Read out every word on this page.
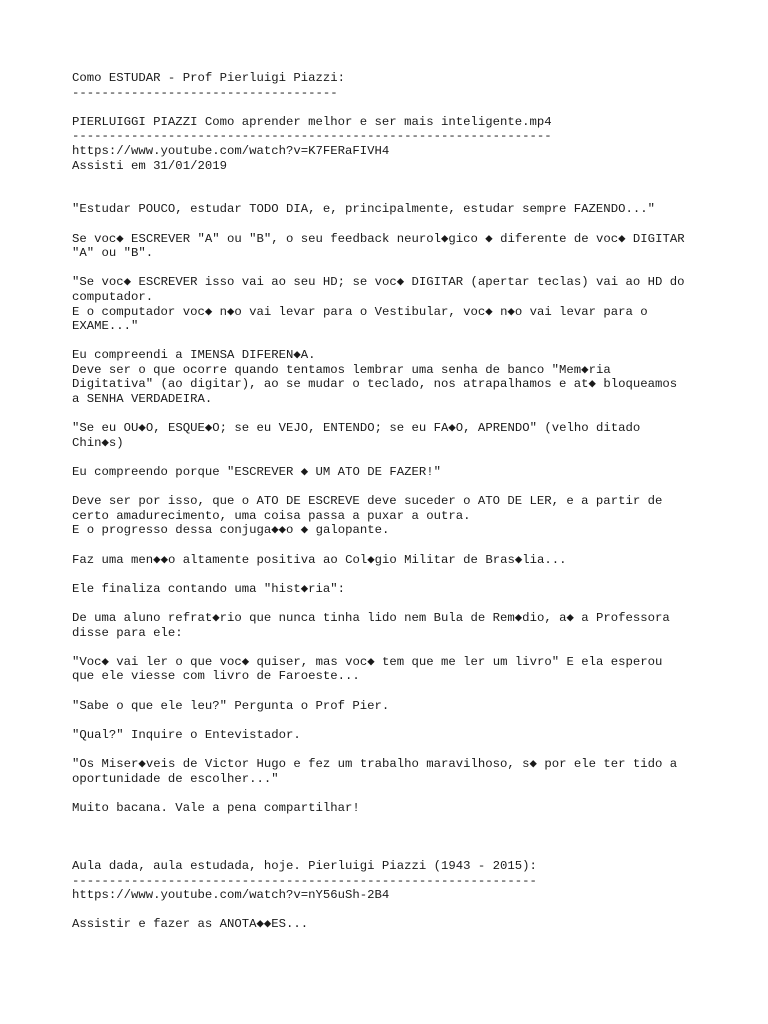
Como ESTUDAR - Prof Pierluigi Piazzi:
------------------------------------
PIERLUIGGI PIAZZI Como aprender melhor e ser mais inteligente.mp4
-----------------------------------------------------------------
https://www.youtube.com/watch?v=K7FERaFIVH4
Assisti em 31/01/2019
"Estudar POUCO, estudar TODO DIA, e, principalmente, estudar sempre FAZENDO..."
Se voc◆ ESCREVER "A" ou "B", o seu feedback neurol◆gico ◆ diferente de voc◆ DIGITAR
"A" ou "B".
"Se voc◆ ESCREVER isso vai ao seu HD; se voc◆ DIGITAR (apertar teclas) vai ao HD do
computador.
E o computador voc◆ n◆o vai levar para o Vestibular, voc◆ n◆o vai levar para o
EXAME..."
Eu compreendi a IMENSA DIFEREN◆A.
Deve ser o que ocorre quando tentamos lembrar uma senha de banco "Mem◆ria
Digitativa" (ao digitar), ao se mudar o teclado, nos atrapalhamos e at◆ bloqueamos
a SENHA VERDADEIRA.
"Se eu OU◆O, ESQUE◆O; se eu VEJO, ENTENDO; se eu FA◆O, APRENDO" (velho ditado
Chin◆s)
Eu compreendo porque "ESCREVER ◆ UM ATO DE FAZER!"
Deve ser por isso, que o ATO DE ESCREVE deve suceder o ATO DE LER, e a partir de
certo amadurecimento, uma coisa passa a puxar a outra.
E o progresso dessa conjuga◆◆o ◆ galopante.
Faz uma men◆◆o altamente positiva ao Col◆gio Militar de Bras◆lia...
Ele finaliza contando uma "hist◆ria":
De uma aluno refrat◆rio que nunca tinha lido nem Bula de Rem◆dio, a◆ a Professora
disse para ele:
"Voc◆ vai ler o que voc◆ quiser, mas voc◆ tem que me ler um livro" E ela esperou
que ele viesse com livro de Faroeste...
"Sabe o que ele leu?" Pergunta o Prof Pier.
"Qual?" Inquire o Entevistador.
"Os Miser◆veis de Victor Hugo e fez um trabalho maravilhoso, s◆ por ele ter tido a
oportunidade de escolher..."
Muito bacana. Vale a pena compartilhar!
Aula dada, aula estudada, hoje. Pierluigi Piazzi (1943 - 2015):
---------------------------------------------------------------
https://www.youtube.com/watch?v=nY56uSh-2B4
Assistir e fazer as ANOTA◆◆ES...
